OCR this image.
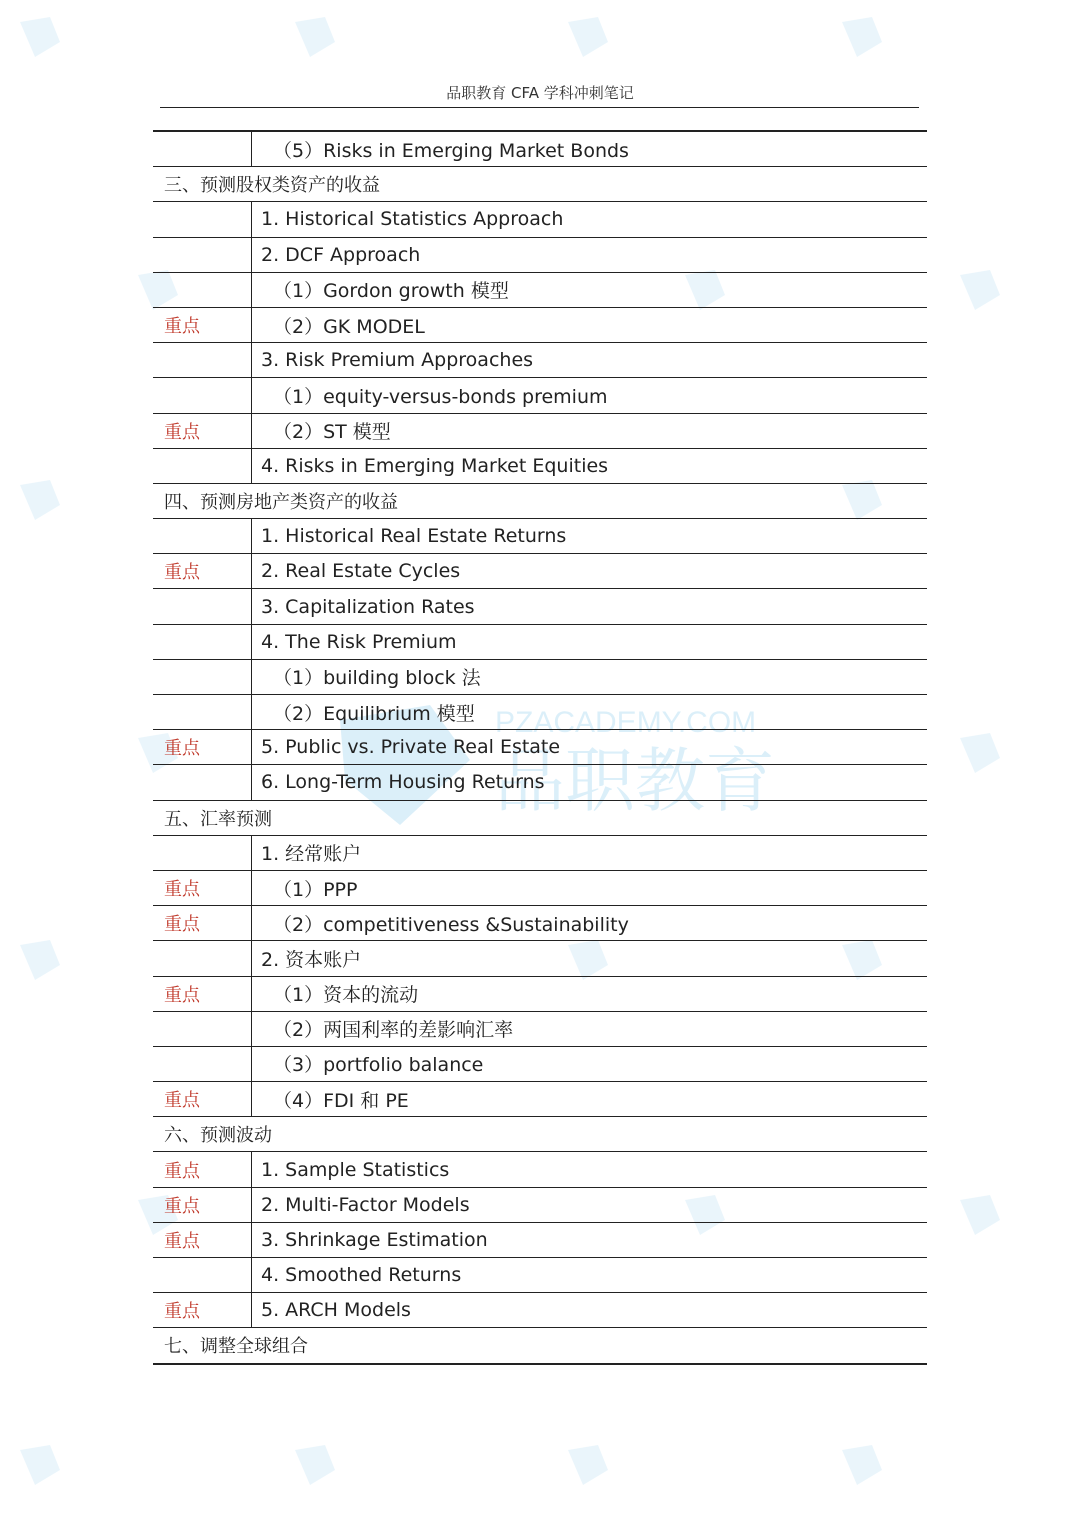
PZACADEMY.COM
品职教育
品职教育 CFA 学科冲刺笔记
（5）Risks in Emerging Market Bonds
三、预测股权类资产的收益
1. Historical Statistics Approach
2. DCF Approach
（1）Gordon growth 模型
重点	（2）GK MODEL
3. Risk Premium Approaches
（1）equity-versus-bonds premium
重点	（2）ST 模型
4. Risks in Emerging Market Equities
四、预测房地产类资产的收益
1. Historical Real Estate Returns
重点	2. Real Estate Cycles
3. Capitalization Rates
4. The Risk Premium
（1）building block 法
（2）Equilibrium 模型
重点	5. Public vs. Private Real Estate
6. Long-Term Housing Returns
五、汇率预测
1. 经常账户
重点	（1）PPP
重点	（2）competitiveness &Sustainability
2. 资本账户
重点	（1）资本的流动
（2）两国利率的差影响汇率
（3）portfolio balance
重点	（4）FDI 和 PE
六、预测波动
重点	1. Sample Statistics
重点	2. Multi-Factor Models
重点	3. Shrinkage Estimation
4. Smoothed Returns
重点	5. ARCH Models
七、调整全球组合
